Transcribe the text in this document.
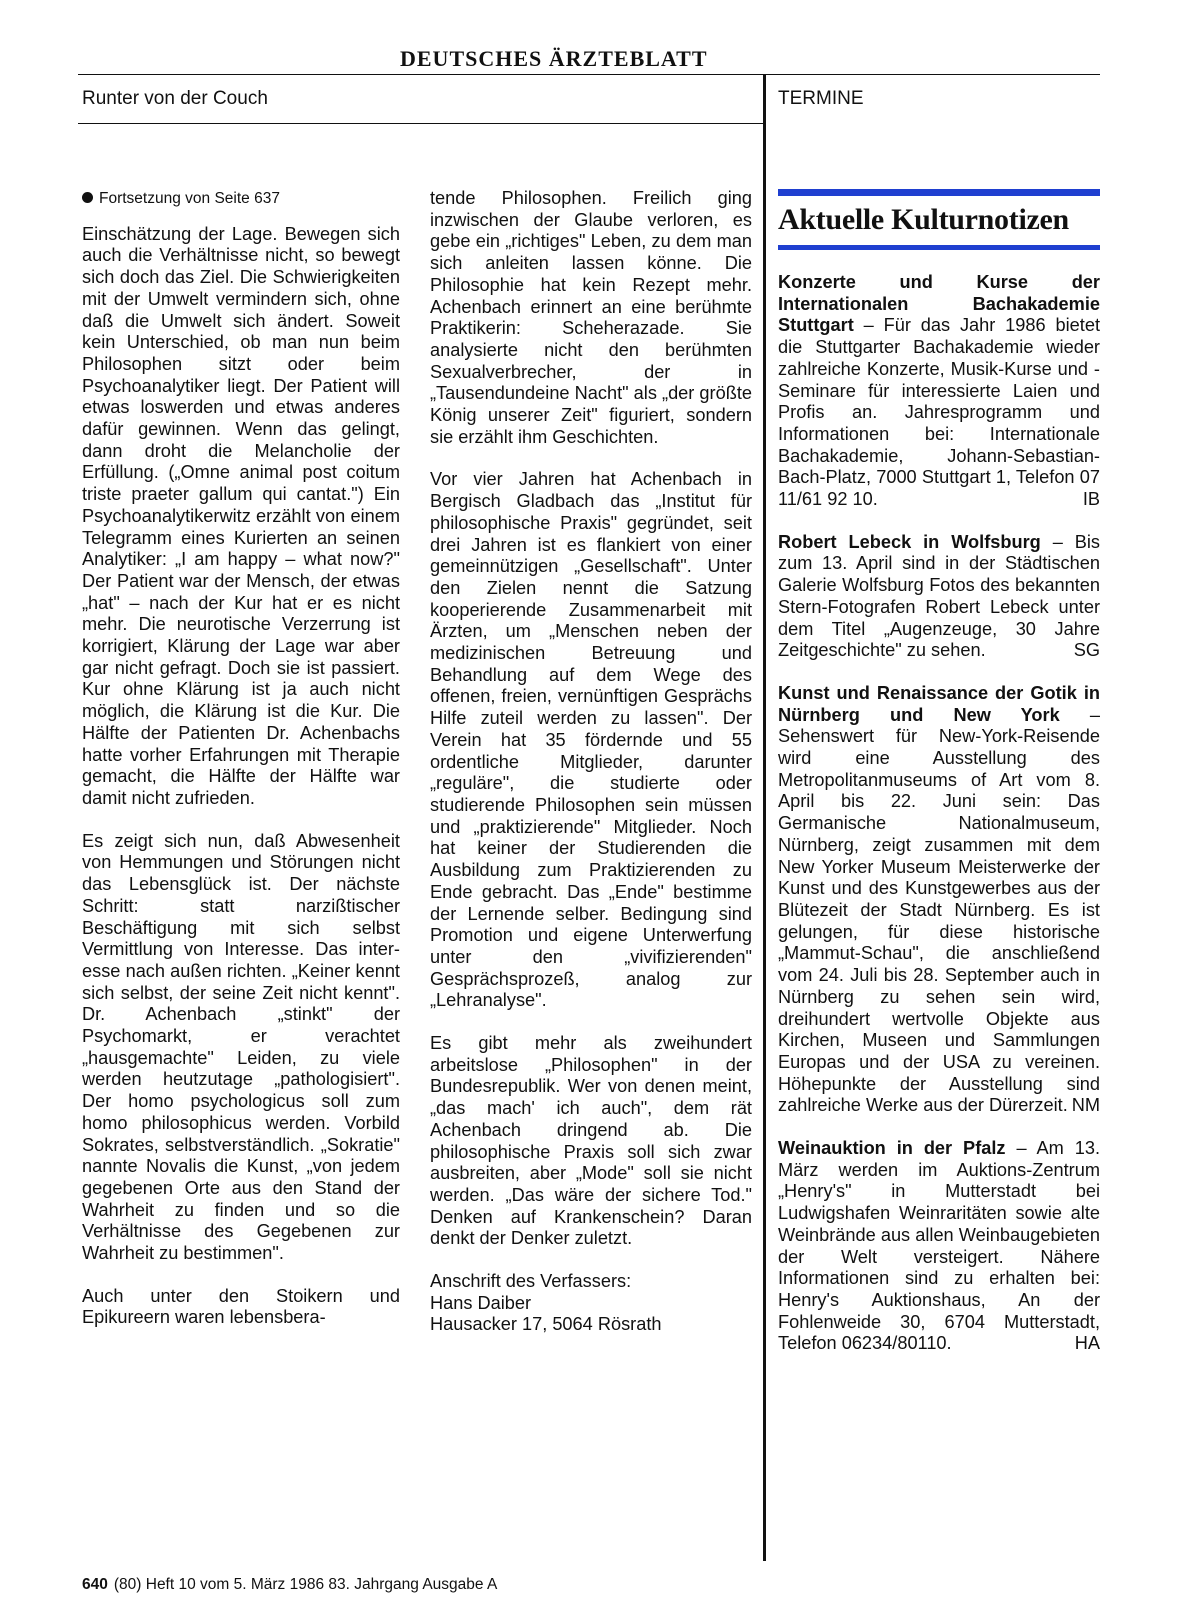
DEUTSCHES ÄRZTEBLATT
Runter von der Couch	TERMINE

Fortsetzung von Seite 637

Einschätzung der Lage. Bewegen sich auch die Verhältnisse nicht, so bewegt sich doch das Ziel. Die Schwierigkeiten mit der Umwelt vermindern sich, ohne daß die Umwelt sich ändert. Soweit kein Unterschied, ob man nun beim Philosophen sitzt oder beim Psychoanalytiker liegt. Der Patient will etwas loswerden und etwas anderes dafür gewinnen. Wenn das gelingt, dann droht die Melancholie der Erfüllung. („Omne animal post coitum triste praeter gallum qui cantat.") Ein Psychoanalytikerwitz erzählt von einem Telegramm eines Kurierten an seinen Analytiker: „I am happy – what now?" Der Patient war der Mensch, der etwas „hat" – nach der Kur hat er es nicht mehr. Die neurotische Verzerrung ist korrigiert, Klärung der Lage war aber gar nicht gefragt. Doch sie ist passiert. Kur ohne Klärung ist ja auch nicht möglich, die Klärung ist die Kur. Die Hälfte der Patienten Dr. Achenbachs hatte vorher Erfahrungen mit Therapie gemacht, die Hälfte der Hälfte war damit nicht zufrieden.

Es zeigt sich nun, daß Abwesenheit von Hemmungen und Störungen nicht das Lebensglück ist. Der nächste Schritt: statt narzißtischer Beschäftigung mit sich selbst Vermittlung von Interesse. Das inter-esse nach außen richten. „Keiner kennt sich selbst, der seine Zeit nicht kennt". Dr. Achenbach „stinkt" der Psychomarkt, er verachtet „hausgemachte" Leiden, zu viele werden heutzutage „pathologisiert". Der homo psychologicus soll zum homo philosophicus werden. Vorbild Sokrates, selbstverständlich. „Sokratie" nannte Novalis die Kunst, „von jedem gegebenen Orte aus den Stand der Wahrheit zu finden und so die Verhältnisse des Gegebenen zur Wahrheit zu bestimmen".

Auch unter den Stoikern und Epikureern waren lebensbera-

tende Philosophen. Freilich ging inzwischen der Glaube verloren, es gebe ein „richtiges" Leben, zu dem man sich anleiten lassen könne. Die Philosophie hat kein Rezept mehr. Achenbach erinnert an eine berühmte Praktikerin: Scheherazade. Sie analysierte nicht den berühmten Sexualverbrecher, der in „Tausendundeine Nacht" als „der größte König unserer Zeit" figuriert, sondern sie erzählt ihm Geschichten.

Vor vier Jahren hat Achenbach in Bergisch Gladbach das „Institut für philosophische Praxis" gegründet, seit drei Jahren ist es flankiert von einer gemeinnützigen „Gesellschaft". Unter den Zielen nennt die Satzung kooperierende Zusammenarbeit mit Ärzten, um „Menschen neben der medizinischen Betreuung und Behandlung auf dem Wege des offenen, freien, vernünftigen Gesprächs Hilfe zuteil werden zu lassen". Der Verein hat 35 fördernde und 55 ordentliche Mitglieder, darunter „reguläre", die studierte oder studierende Philosophen sein müssen und „praktizierende" Mitglieder. Noch hat keiner der Studierenden die Ausbildung zum Praktizierenden zu Ende gebracht. Das „Ende" bestimme der Lernende selber. Bedingung sind Promotion und eigene Unterwerfung unter den „vivifizierenden" Gesprächsprozeß, analog zur „Lehranalyse".

Es gibt mehr als zweihundert arbeitslose „Philosophen" in der Bundesrepublik. Wer von denen meint, „das mach' ich auch", dem rät Achenbach dringend ab. Die philosophische Praxis soll sich zwar ausbreiten, aber „Mode" soll sie nicht werden. „Das wäre der sichere Tod." Denken auf Krankenschein? Daran denkt der Denker zuletzt.

Anschrift des Verfassers:
Hans Daiber
Hausacker 17, 5064 Rösrath

Aktuelle Kulturnotizen

Konzerte und Kurse der Internationalen Bachakademie Stuttgart – Für das Jahr 1986 bietet die Stuttgarter Bachakademie wieder zahlreiche Konzerte, Musik-Kurse und -Seminare für interessierte Laien und Profis an. Jahresprogramm und Informationen bei: Internationale Bachakademie, Johann-Sebastian-Bach-Platz, 7000 Stuttgart 1, Telefon 07 11/61 92 10.	IB

Robert Lebeck in Wolfsburg – Bis zum 13. April sind in der Städtischen Galerie Wolfsburg Fotos des bekannten Stern-Fotografen Robert Lebeck unter dem Titel „Augenzeuge, 30 Jahre Zeitgeschichte" zu sehen.	SG

Kunst und Renaissance der Gotik in Nürnberg und New York – Sehenswert für New-York-Reisende wird eine Ausstellung des Metropolitanmuseums of Art vom 8. April bis 22. Juni sein: Das Germanische Nationalmuseum, Nürnberg, zeigt zusammen mit dem New Yorker Museum Meisterwerke der Kunst und des Kunstgewerbes aus der Blütezeit der Stadt Nürnberg. Es ist gelungen, für diese historische „Mammut-Schau", die anschließend vom 24. Juli bis 28. September auch in Nürnberg zu sehen sein wird, dreihundert wertvolle Objekte aus Kirchen, Museen und Sammlungen Europas und der USA zu vereinen. Höhepunkte der Ausstellung sind zahlreiche Werke aus der Dürerzeit. NM

Weinauktion in der Pfalz – Am 13. März werden im Auktions-Zentrum „Henry's" in Mutterstadt bei Ludwigshafen Weinraritäten sowie alte Weinbrände aus allen Weinbaugebieten der Welt versteigert. Nähere Informationen sind zu erhalten bei: Henry's Auktionshaus, An der Fohlenweide 30, 6704 Mutterstadt, Telefon 06234/80110.	HA

640 (80) Heft 10 vom 5. März 1986 83. Jahrgang Ausgabe A
